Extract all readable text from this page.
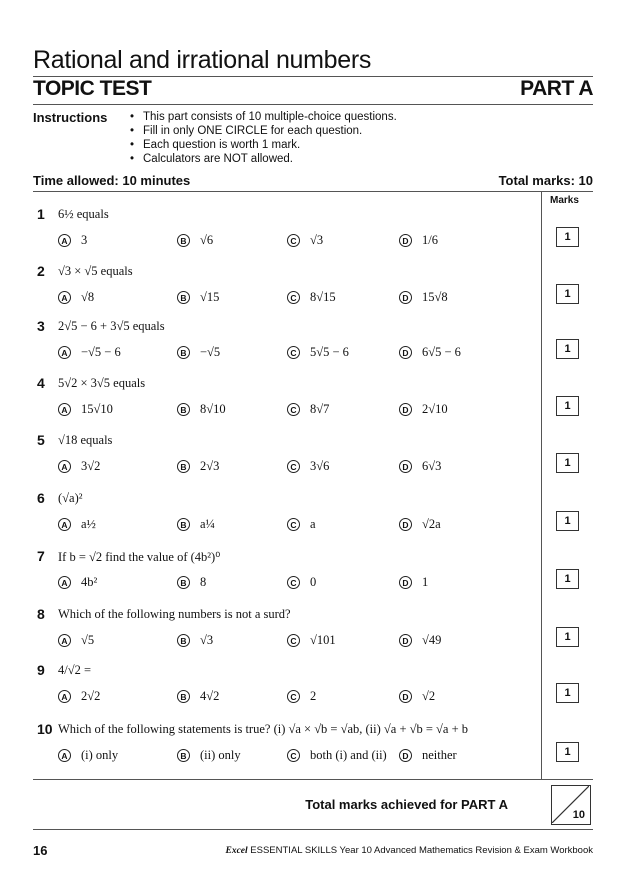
Rational and irrational numbers
TOPIC TEST	PART A
Instructions
•	This part consists of 10 multiple-choice questions.
• Fill in only ONE CIRCLE for each question.
• Each question is worth 1 mark.
• Calculators are NOT allowed.
Time allowed: 10 minutes	Total marks: 10
Marks
1 6½ equals
A 3	B √6	C √3	D 1/6	1
2 √3 × √5 equals
A √8	B √15	C 8√15	D 15√8	1
3 2√5 − 6 + 3√5 equals
A −√5 − 6	B −√5	C 5√5 − 6	D 6√5 − 6	1
4 5√2 × 3√5 equals
A 15√10	B 8√10	C 8√7	D 2√10	1
5 √18 equals
A 3√2	B 2√3	C 3√6	D 6√3	1
6 (√a)²
A a½	B a¼	C a	D √2a	1
7 If b = √2 find the value of (4b²)⁰
A 4b²	B 8	C 0	D 1	1
8 Which of the following numbers is not a surd?
A √5	B √3	C √101	D √49	1
9 4/√2 =
A 2√2	B 4√2	C 2	D √2	1
10 Which of the following statements is true? (i) √a × √b = √ab, (ii) √a + √b = √a + b
A (i) only	B (ii) only	C both (i) and (ii)	D neither	1
Total marks achieved for PART A
10
16	Excel ESSENTIAL SKILLS Year 10 Advanced Mathematics Revision & Exam Workbook
